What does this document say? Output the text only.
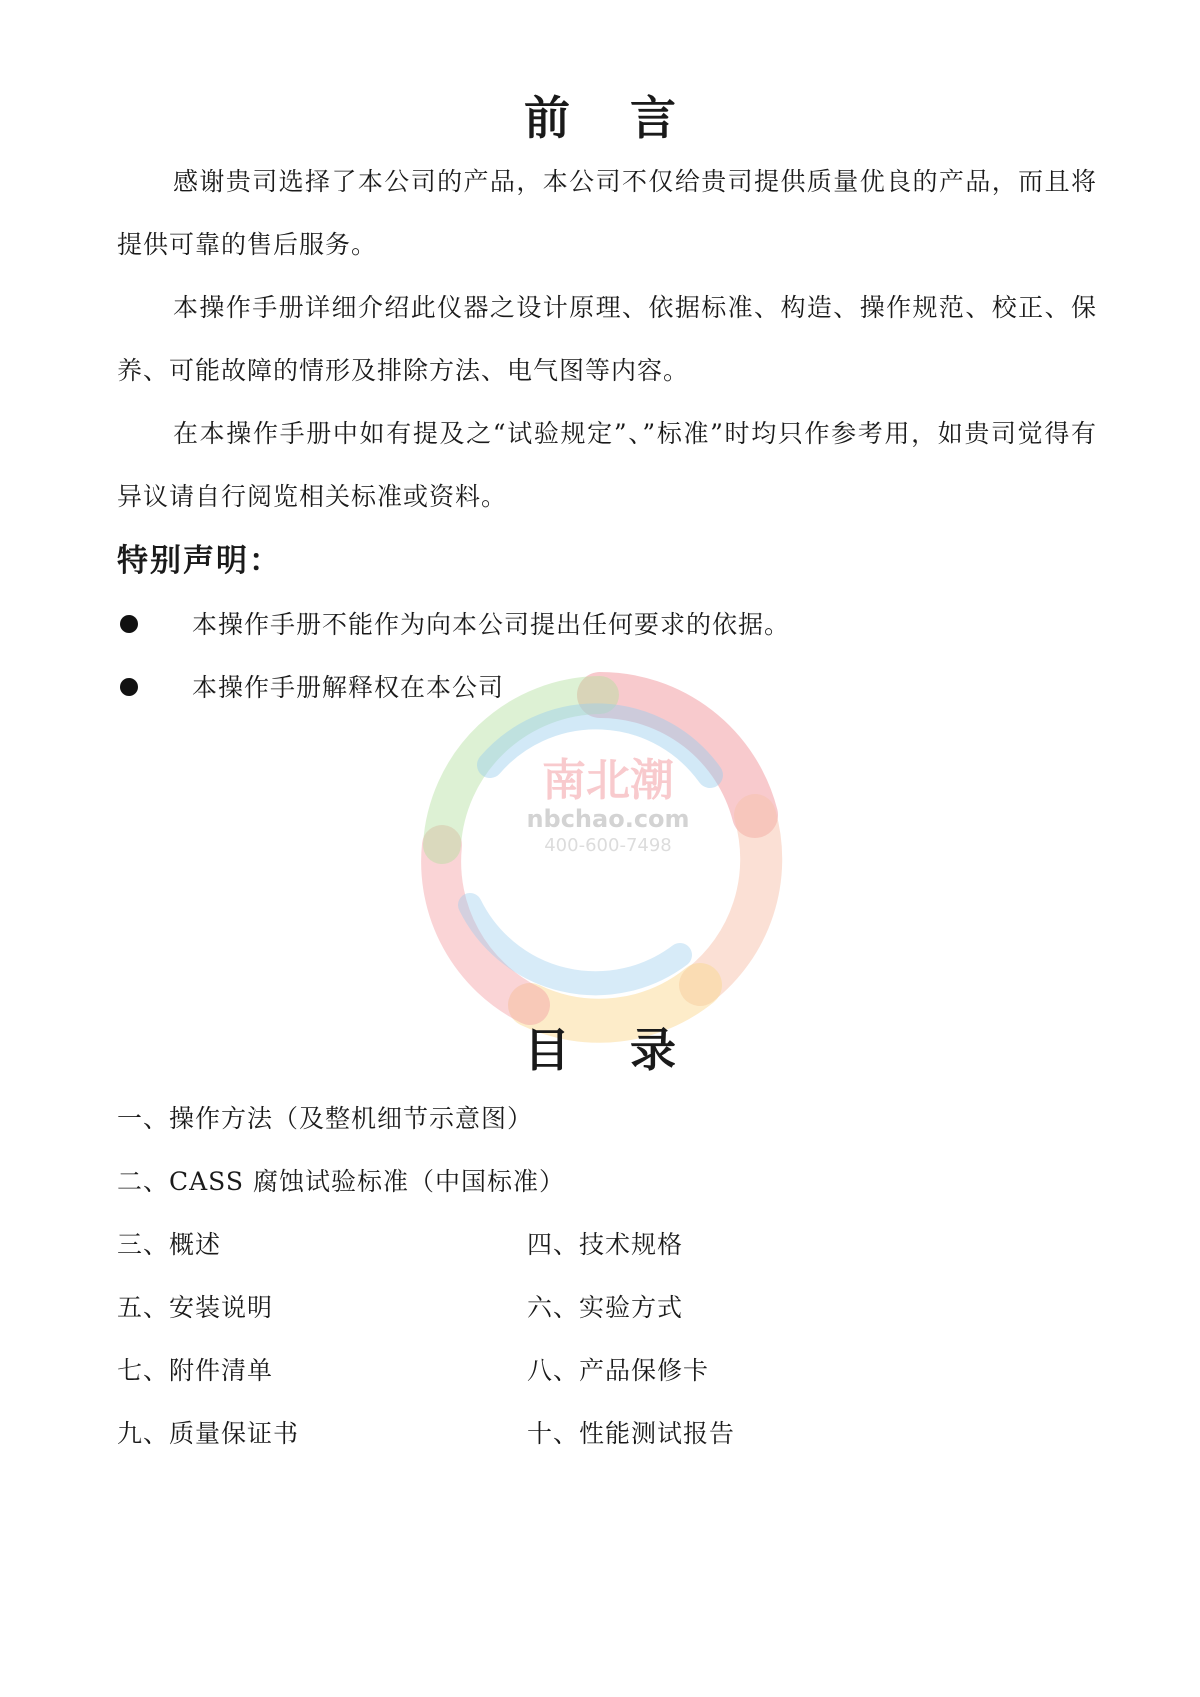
前言

感谢贵司选择了本公司的产品，本公司不仅给贵司提供质量优良的产品，而且将提供可靠的售后服务。

本操作手册详细介绍此仪器之设计原理、依据标准、构造、操作规范、校正、保养、可能故障的情形及排除方法、电气图等内容。

在本操作手册中如有提及之“试验规定”、”标准”时均只作参考用，如贵司觉得有异议请自行阅览相关标准或资料。

特别声明：
本操作手册不能作为向本公司提出任何要求的依据。
本操作手册解释权在本公司
南北潮
nbchao.com
400-600-7498
目录
一、操作方法（及整机细节示意图）
二、CASS 腐蚀试验标准（中国标准）
三、概述	四、技术规格
五、安装说明	六、实验方式
七、附件清单	八、产品保修卡
九、质量保证书	十、性能测试报告
